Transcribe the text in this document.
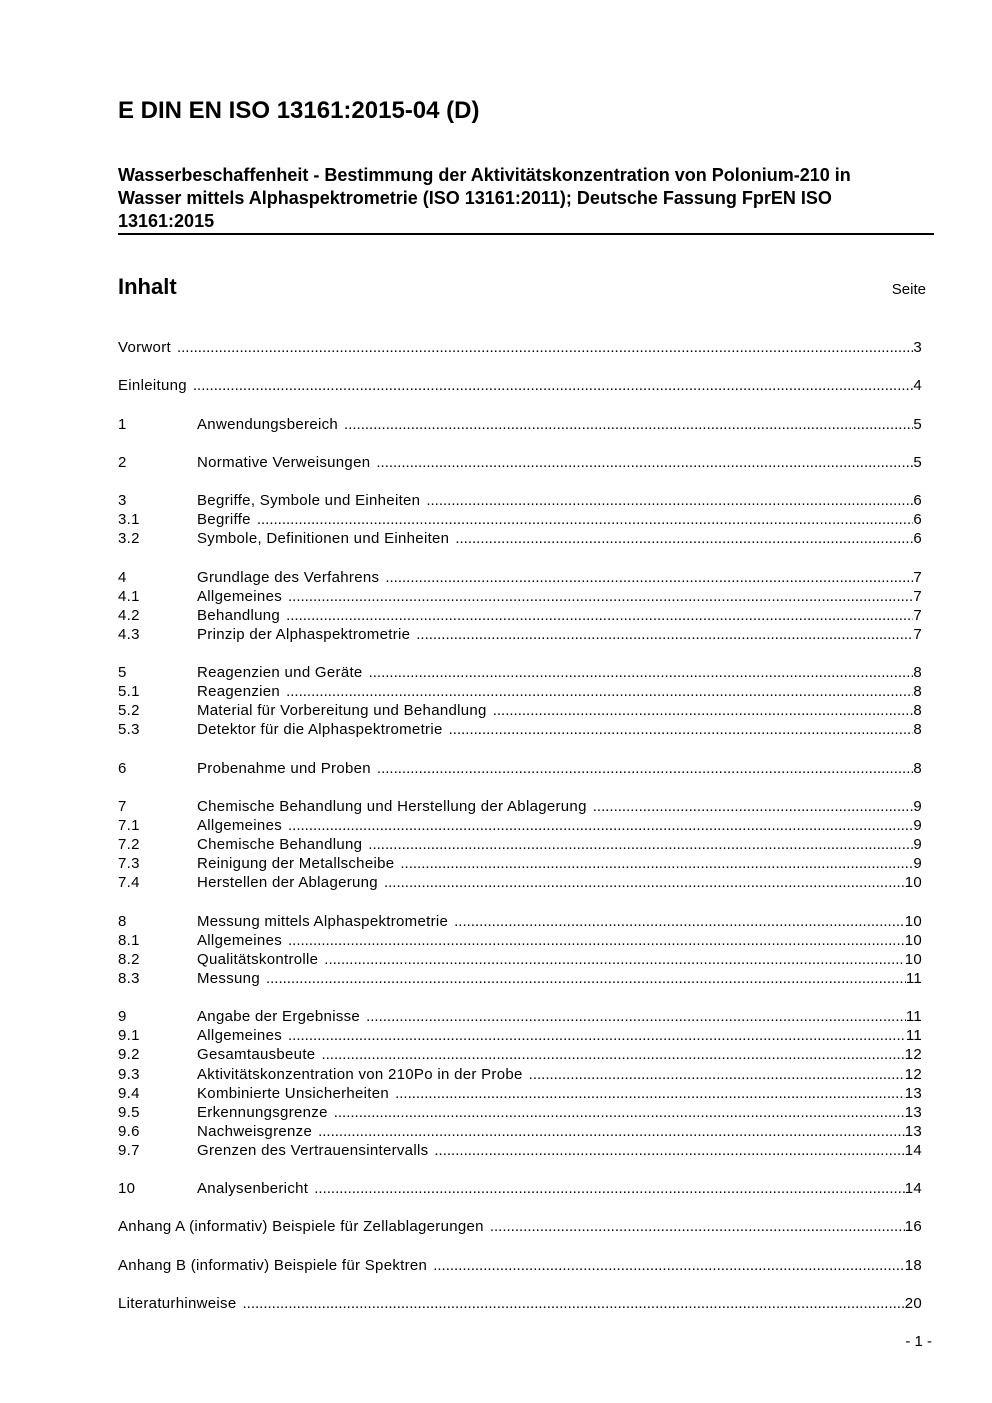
E DIN EN ISO 13161:2015-04 (D)

Wasserbeschaffenheit - Bestimmung der Aktivitätskonzentration von Polonium-210 in Wasser mittels Alphaspektrometrie (ISO 13161:2011); Deutsche Fassung FprEN ISO 13161:2015

Inhalt	Seite
Vorwort .....	3
Einleitung .....	4
1	Anwendungsbereich .....	5
2	Normative Verweisungen .....	5
3	Begriffe, Symbole und Einheiten .....	6
3.1	Begriffe .....	6
3.2	Symbole, Definitionen und Einheiten .....	6
4	Grundlage des Verfahrens .....	7
4.1	Allgemeines .....	7
4.2	Behandlung .....	7
4.3	Prinzip der Alphaspektrometrie .....	7
5	Reagenzien und Geräte .....	8
5.1	Reagenzien .....	8
5.2	Material für Vorbereitung und Behandlung .....	8
5.3	Detektor für die Alphaspektrometrie .....	8
6	Probenahme und Proben .....	8
7	Chemische Behandlung und Herstellung der Ablagerung .....	9
7.1	Allgemeines .....	9
7.2	Chemische Behandlung .....	9
7.3	Reinigung der Metallscheibe .....	9
7.4	Herstellen der Ablagerung .....	10
8	Messung mittels Alphaspektrometrie .....	10
8.1	Allgemeines .....	10
8.2	Qualitätskontrolle .....	10
8.3	Messung .....	11
9	Angabe der Ergebnisse .....	11
9.1	Allgemeines .....	11
9.2	Gesamtausbeute .....	12
9.3	Aktivitätskonzentration von 210Po in der Probe .....	12
9.4	Kombinierte Unsicherheiten .....	13
9.5	Erkennungsgrenze .....	13
9.6	Nachweisgrenze .....	13
9.7	Grenzen des Vertrauensintervalls .....	14
10	Analysenbericht .....	14
Anhang A (informativ) Beispiele für Zellablagerungen .....	16
Anhang B (informativ) Beispiele für Spektren .....	18
Literaturhinweise .....	20
- 1 -
